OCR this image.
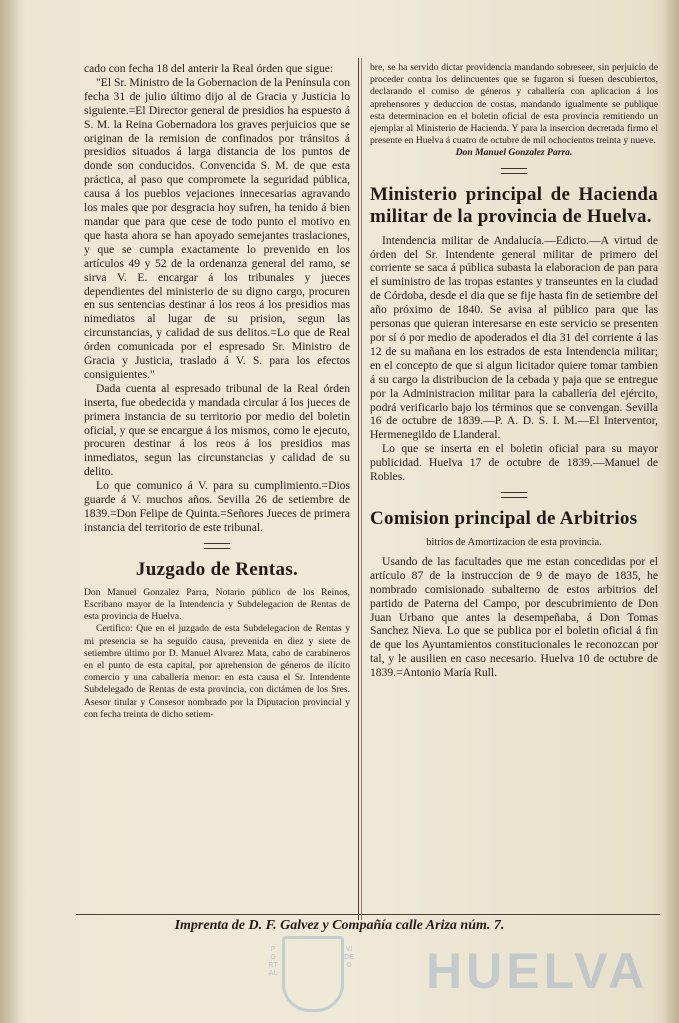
cado con fecha 18 del anterir la Real órden que sigue:

"El Sr. Ministro de la Gobernacion de la Península con fecha 31 de julio último dijo al de Gracia y Justicia lo siguiente.=El Director general de presidios ha espuesto á S. M. la Reina Gobernadora los graves perjuicios que se originan de la remision de confinados por tránsitos á presidios situados á larga distancia de los puntos de donde son conducidos. Convencida S. M. de que esta práctica, al paso que compromete la seguridad pública, causa á los pueblos vejaciones innecesarias agravando los males que por desgracia hoy sufren, ha tenido á bien mandar que para que cese de todo punto el motivo en que hasta ahora se han apoyado semejantes traslaciones, y que se cumpla exactamente lo prevenido en los artículos 49 y 52 de la ordenanza general del ramo, se sirva V. E. encargar á los tribunales y jueces dependientes del ministerio de su digno cargo, procuren en sus sentencias destinar á los reos á los presidios mas nimediatos al lugar de su prision, segun las circunstancias, y calidad de sus delitos.=Lo que de Real órden comunicada por el espresado Sr. Ministro de Gracia y Justicia, traslado á V. S. para los efectos consiguientes."

Dada cuenta al espresado tribunal de la Real órden inserta, fue obedecida y mandada circular á los jueces de primera instancia de su territorio por medio del boletin oficial, y que se encargue á los mismos, como le ejecuto, procuren destinar á los reos á los presidios mas inmediatos, segun las circunstancias y calidad de su delito.

Lo que comunico á V. para su cumplimiento.=Dios guarde á V. muchos años. Sevilla 26 de setiembre de 1839.=Don Felipe de Quinta.=Señores Jueces de primera instancia del territorio de este tribunal.

Juzgado de Rentas.

Don Manuel Gonzalez Parra, Notario público de los Reinos, Escribano mayor de la Intendencia y Subdelegacion de Rentas de esta provincia de Huelva.

Certifico: Que en el juzgado de esta Subdelegacion de Rentas y mi presencia se ha seguido causa, prevenida en diez y siete de setiembre último por D. Manuel Alvarez Mata, cabo de carabineros en el punto de esta capital, por aprehension de géneros de ilícito comercio y una caballería menor: en esta causa el Sr. Intendente Subdelegado de Rentas de esta provincia, con dictámen de los Sres. Asesor titular y Consesor nombrado por la Diputacion provincial y con fecha treinta de dicho setiem-

bre, se ha servido dictar providencia mandando sobreseer, sin perjuicio de proceder contra los delincuentes que se fugaron si fuesen descubiertos, declarando el comiso de géneros y caballería con aplicacion á los aprehensores y deduccion de costas, mandando igualmente se publique esta determinacion en el boletin oficial de esta provincia remitiendo un ejemplar al Ministerio de Hacienda. Y para la insercion decretada firmo el presente en Huelva á cuatro de octubre de mil ochocientos treinta y nueve.

Don Manuel Gonzalez Parra.

Ministerio principal de Hacienda militar de la provincia de Huelva.

Intendencia militar de Andalucía.—Edicto.—A virtud de órden del Sr. Intendente general militar de primero del corriente se saca á pública subasta la elaboracion de pan para el suministro de las tropas estantes y transeuntes en la ciudad de Córdoba, desde el dia que se fije hasta fin de setiembre del año próximo de 1840. Se avisa al público para que las personas que quieran interesarse en este servicio se presenten por sí ó por medio de apoderados el dia 31 del corriente á las 12 de su mañana en los estrados de esta Intendencia militar; en el concepto de que si algun licitador quiere tomar tambien á su cargo la distribucion de la cebada y paja que se entregue por la Administracion militar para la caballería del ejército, podrá verificarlo bajo los términos que se convengan. Sevilla 16 de octubre de 1839.—P. A. D. S. I. M.—El Interventor, Hermenegildo de Llanderal.

Lo que se inserta en el boletin oficial para su mayor publicidad. Huelva 17 de octubre de 1839.—Manuel de Robles.

Comision principal de Arbitrios
bitrios de Amortizacion de esta provincia.

Usando de las facultades que me estan concedidas por el artículo 87 de la instruccion de 9 de mayo de 1835, he nombrado comisionado subalterno de estos arbitrios del partido de Paterna del Campo, por descubrimiento de Don Juan Urbano que antes la desempeñaba, á Don Tomas Sanchez Nieva. Lo que se publica por el boletin oficial á fin de que los Ayuntamientos constitucionales le reconozcan por tal, y le ausilien en caso necesario. Huelva 10 de octubre de 1839.=Antonio María Rull.

Imprenta de D. F. Galvez y Compañía calle Ariza núm. 7.
PORTAL
VIDEO HUELVA
